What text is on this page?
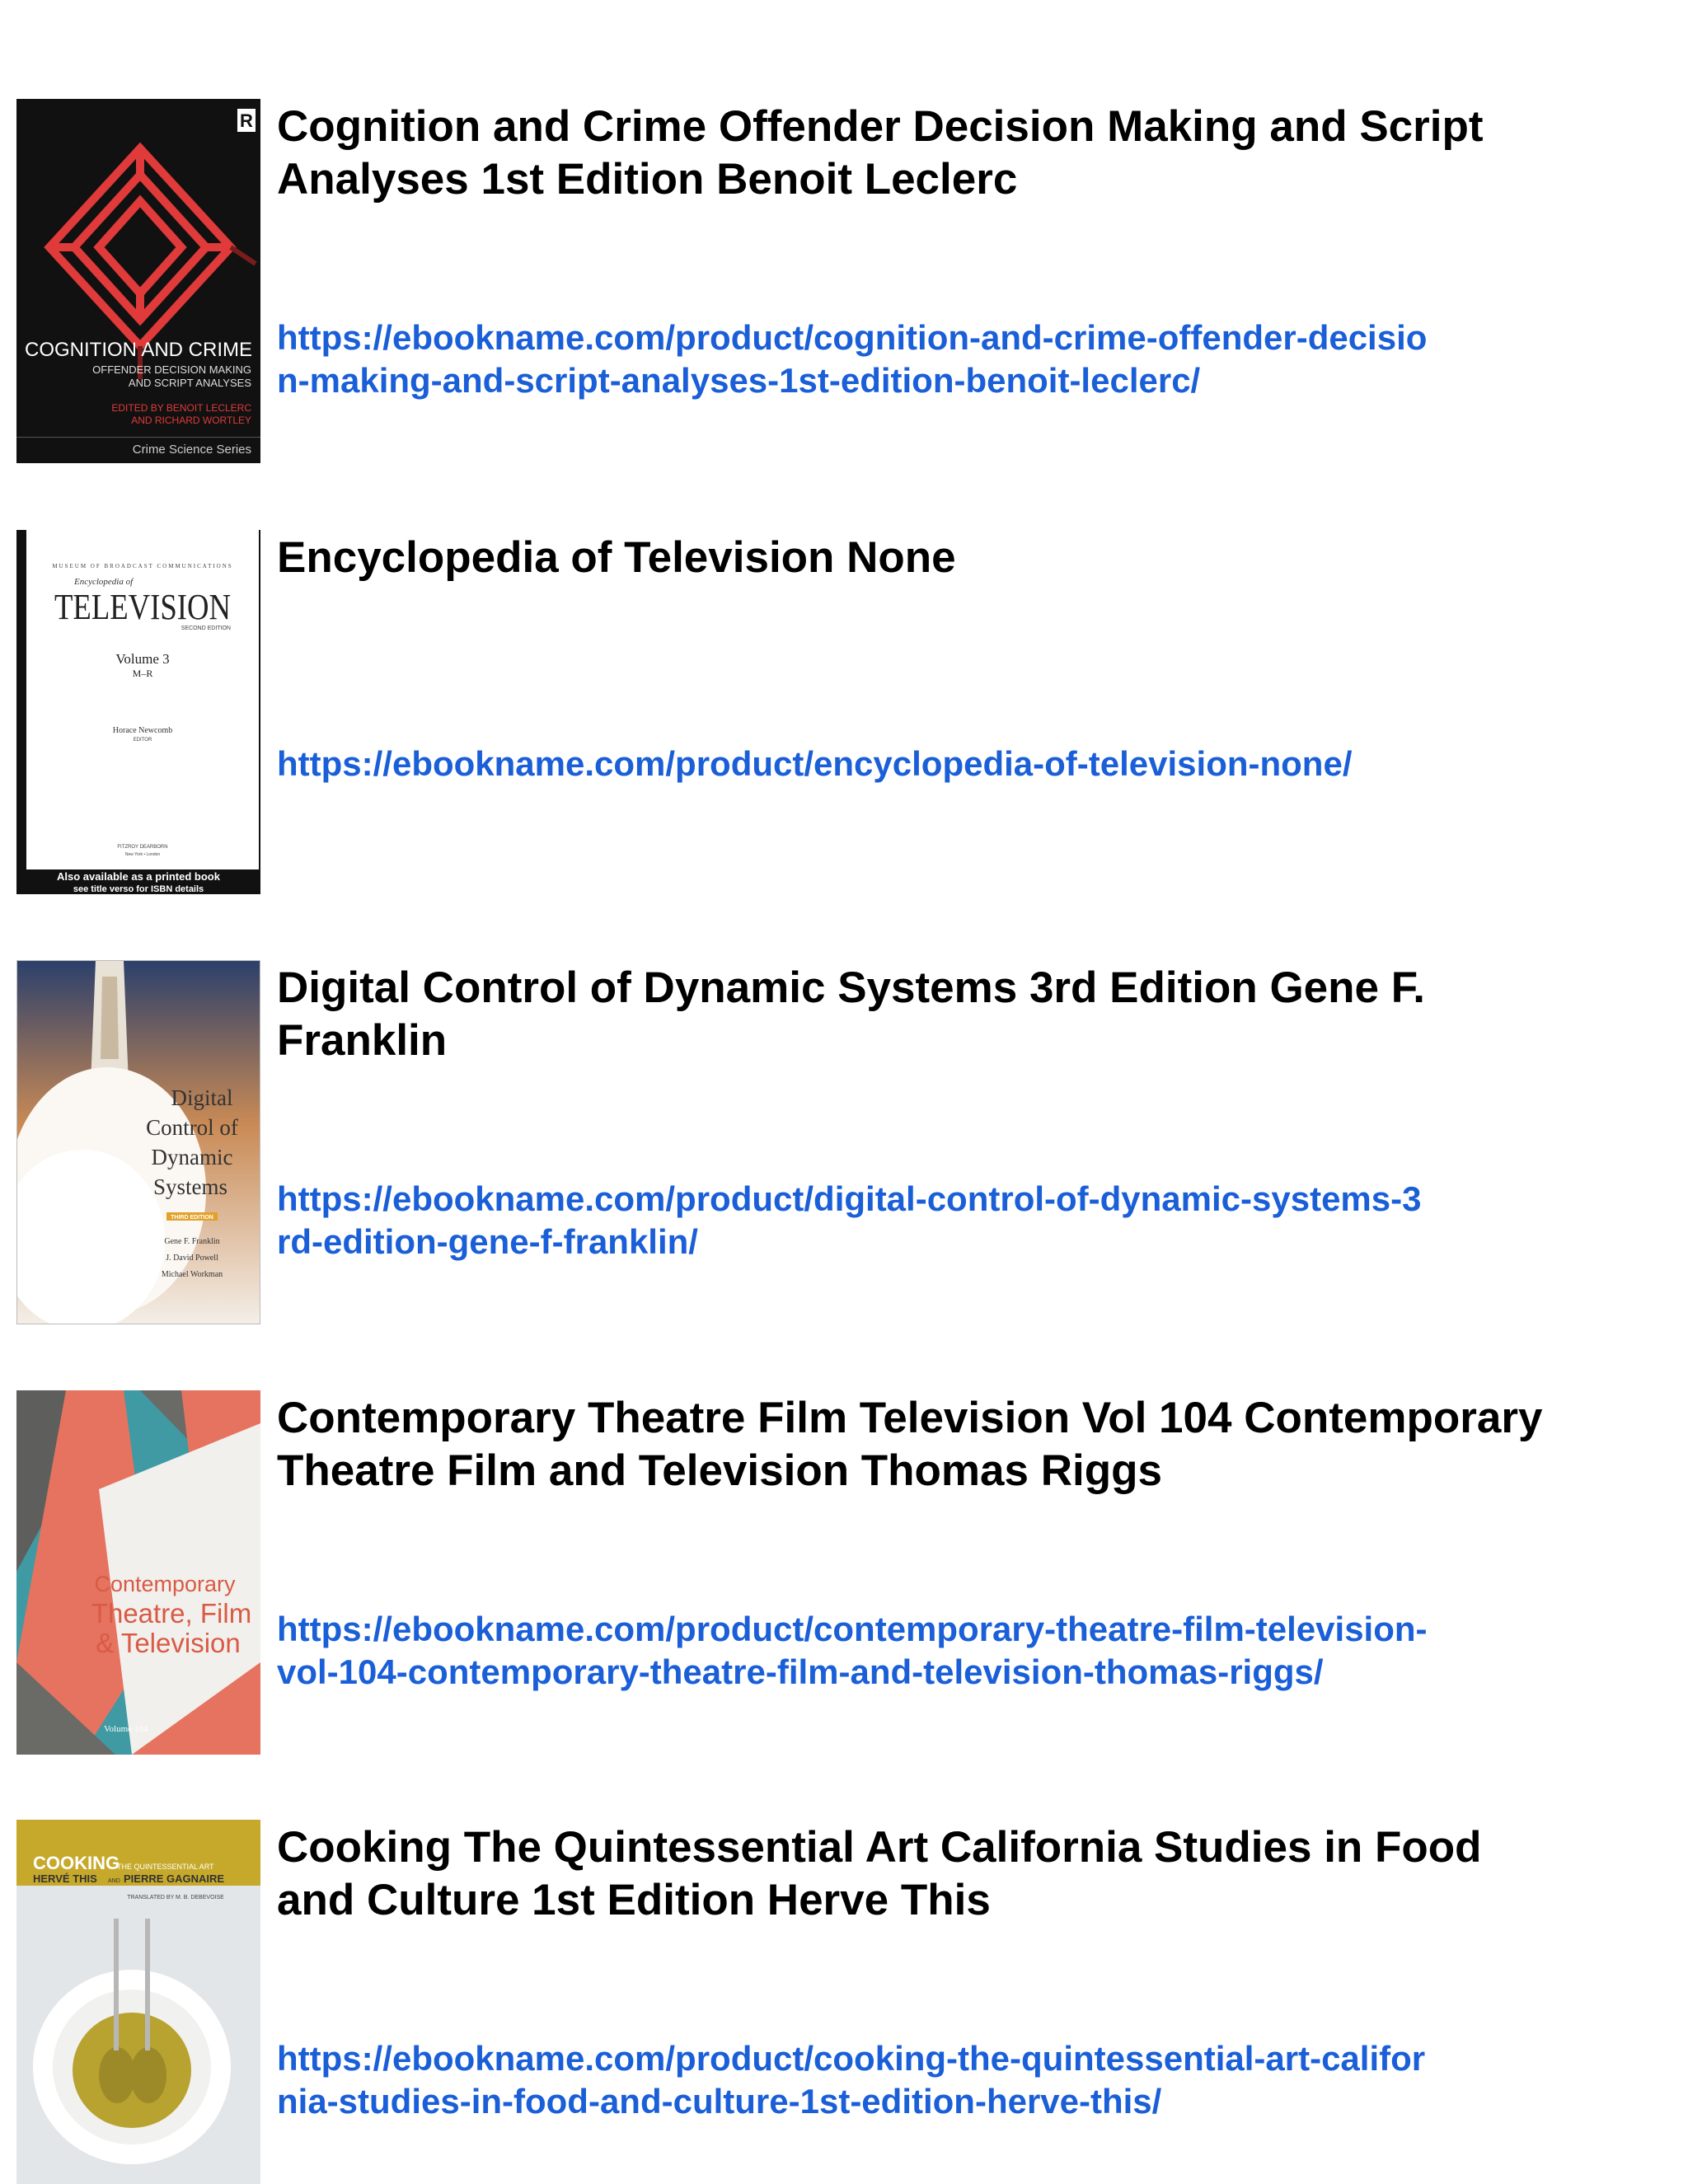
R
COGNITION AND CRIME
OFFENDER DECISION MAKING
AND SCRIPT ANALYSES
EDITED BY BENOIT LECLERC
AND RICHARD WORTLEY
Crime Science Series
Cognition and Crime Offender Decision Making and Script Analyses 1st Edition Benoit Leclerc
https://ebookname.com/product/cognition-and-crime-offender-decision-making-and-script-analyses-1st-edition-benoit-leclerc/
MUSEUM OF BROADCAST COMMUNICATIONS
Encyclopedia of
TELEVISION
SECOND EDITION
Volume 3
M–R
Horace Newcomb
EDITOR
FITZROY DEARBORN
New York • London
Also available as a printed book
see title verso for ISBN details
Encyclopedia of Television None
https://ebookname.com/product/encyclopedia-of-television-none/
Digital
Control of
Dynamic
Systems
THIRD EDITION
Gene F. Franklin
J. David Powell
Michael Workman
Digital Control of Dynamic Systems 3rd Edition Gene F. Franklin
https://ebookname.com/product/digital-control-of-dynamic-systems-3rd-edition-gene-f-franklin/
Contemporary
Theatre, Film
& Television
Volume 104
Contemporary Theatre Film Television Vol 104 Contemporary Theatre Film and Television Thomas Riggs
https://ebookname.com/product/contemporary-theatre-film-television-vol-104-contemporary-theatre-film-and-television-thomas-riggs/
COOKING
THE QUINTESSENTIAL ART
HERVÉ THIS AND PIERRE GAGNAIRE
TRANSLATED BY M. B. DEBEVOISE
Cooking The Quintessential Art California Studies in Food and Culture 1st Edition Herve This
https://ebookname.com/product/cooking-the-quintessential-art-california-studies-in-food-and-culture-1st-edition-herve-this/
